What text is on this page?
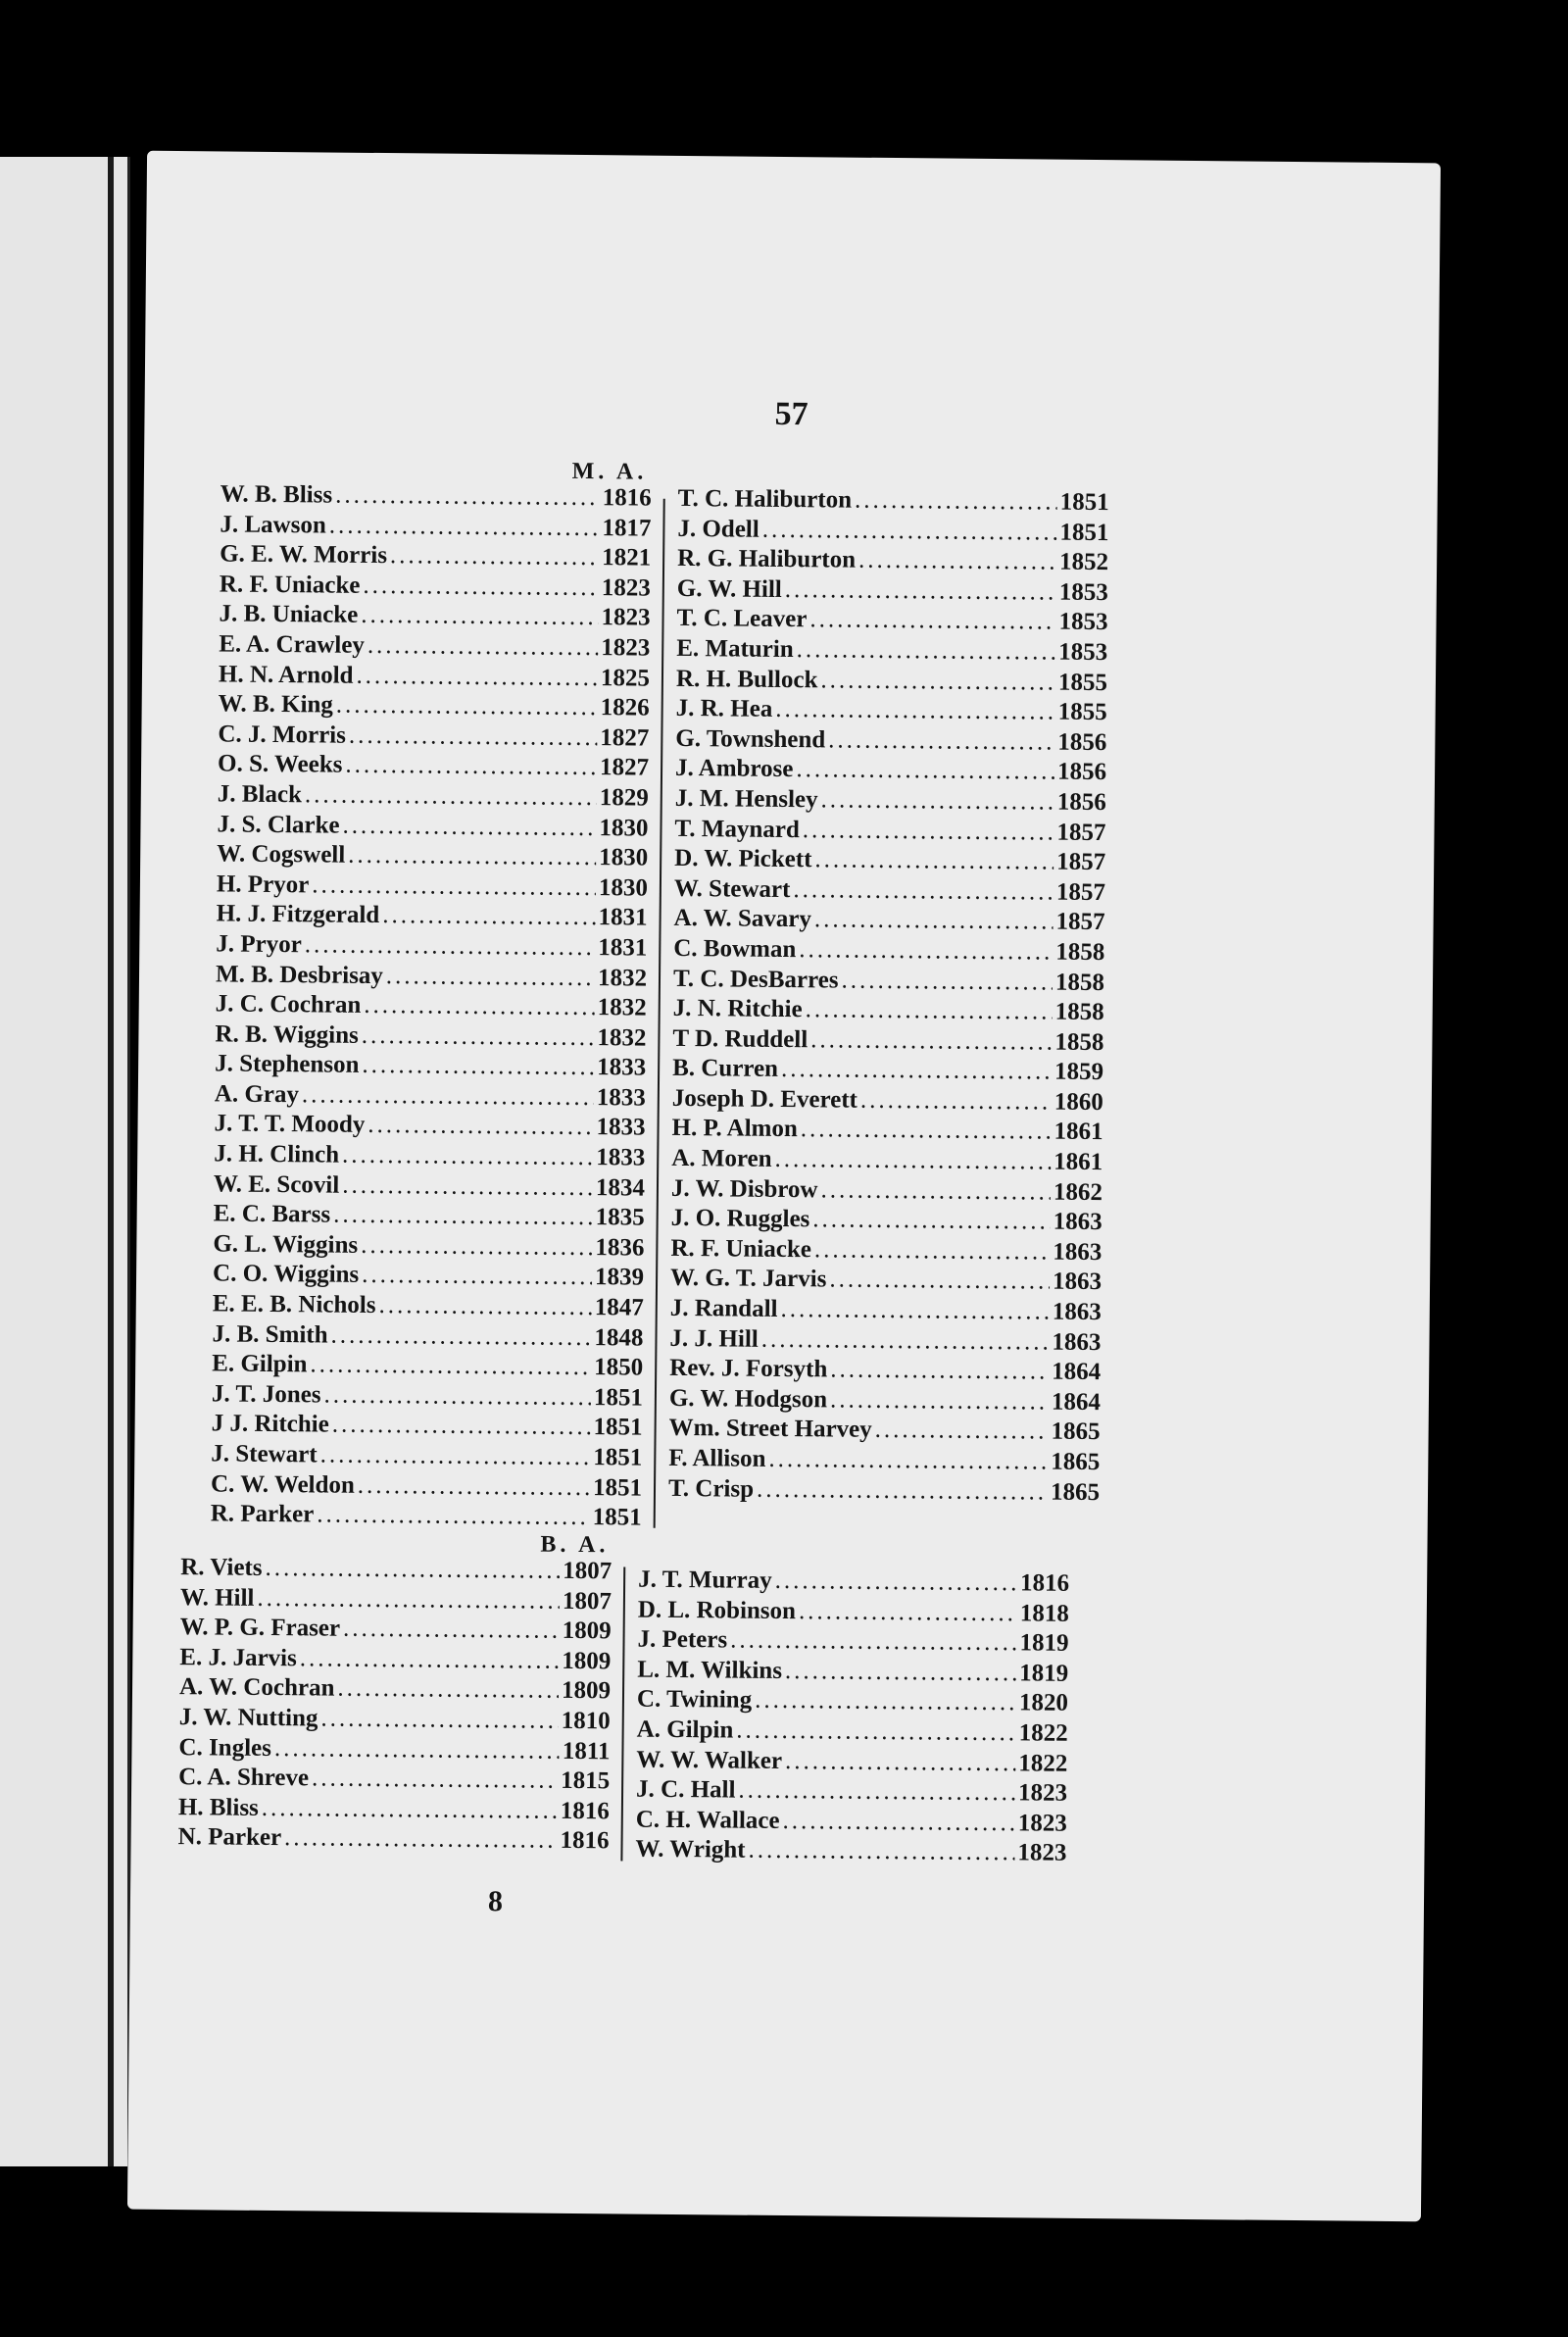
57
M. A.
W. B. Bliss .....	1816
J. Lawson .....	1817
G. E. W. Morris .....	1821
R. F. Uniacke .....	1823
J. B. Uniacke .....	1823
E. A. Crawley .....	1823
H. N. Arnold .....	1825
W. B. King .....	1826
C. J. Morris .....	1827
O. S. Weeks .....	1827
J. Black .....	1829
J. S. Clarke .....	1830
W. Cogswell .....	1830
H. Pryor .....	1830
H. J. Fitzgerald .....	1831
J. Pryor .....	1831
M. B. Desbrisay .....	1832
J. C. Cochran .....	1832
R. B. Wiggins .....	1832
J. Stephenson .....	1833
A. Gray .....	1833
J. T. T. Moody .....	1833
J. H. Clinch .....	1833
W. E. Scovil .....	1834
E. C. Barss .....	1835
G. L. Wiggins .....	1836
C. O. Wiggins .....	1839
E. E. B. Nichols .....	1847
J. B. Smith .....	1848
E. Gilpin .....	1850
J. T. Jones .....	1851
J J. Ritchie .....	1851
J. Stewart .....	1851
C. W. Weldon .....	1851
R. Parker .....	1851
T. C. Haliburton .....	1851
J. Odell .....	1851
R. G. Haliburton .....	1852
G. W. Hill .....	1853
T. C. Leaver .....	1853
E. Maturin .....	1853
R. H. Bullock .....	1855
J. R. Hea .....	1855
G. Townshend .....	1856
J. Ambrose .....	1856
J. M. Hensley .....	1856
T. Maynard .....	1857
D. W. Pickett .....	1857
W. Stewart .....	1857
A. W. Savary .....	1857
C. Bowman .....	1858
T. C. DesBarres .....	1858
J. N. Ritchie .....	1858
T D. Ruddell .....	1858
B. Curren .....	1859
Joseph D. Everett .....	1860
H. P. Almon .....	1861
A. Moren .....	1861
J. W. Disbrow .....	1862
J. O. Ruggles .....	1863
R. F. Uniacke .....	1863
W. G. T. Jarvis .....	1863
J. Randall .....	1863
J. J. Hill .....	1863
Rev. J. Forsyth .....	1864
G. W. Hodgson .....	1864
Wm. Street Harvey .....	1865
F. Allison .....	1865
T. Crisp .....	1865
B. A.
R. Viets .....	1807
W. Hill .....	1807
W. P. G. Fraser .....	1809
E. J. Jarvis .....	1809
A. W. Cochran .....	1809
J. W. Nutting .....	1810
C. Ingles .....	1811
C. A. Shreve .....	1815
H. Bliss .....	1816
N. Parker .....	1816
J. T. Murray .....	1816
D. L. Robinson .....	1818
J. Peters .....	1819
L. M. Wilkins .....	1819
C. Twining .....	1820
A. Gilpin .....	1822
W. W. Walker .....	1822
J. C. Hall .....	1823
C. H. Wallace .....	1823
W. Wright .....	1823
8
